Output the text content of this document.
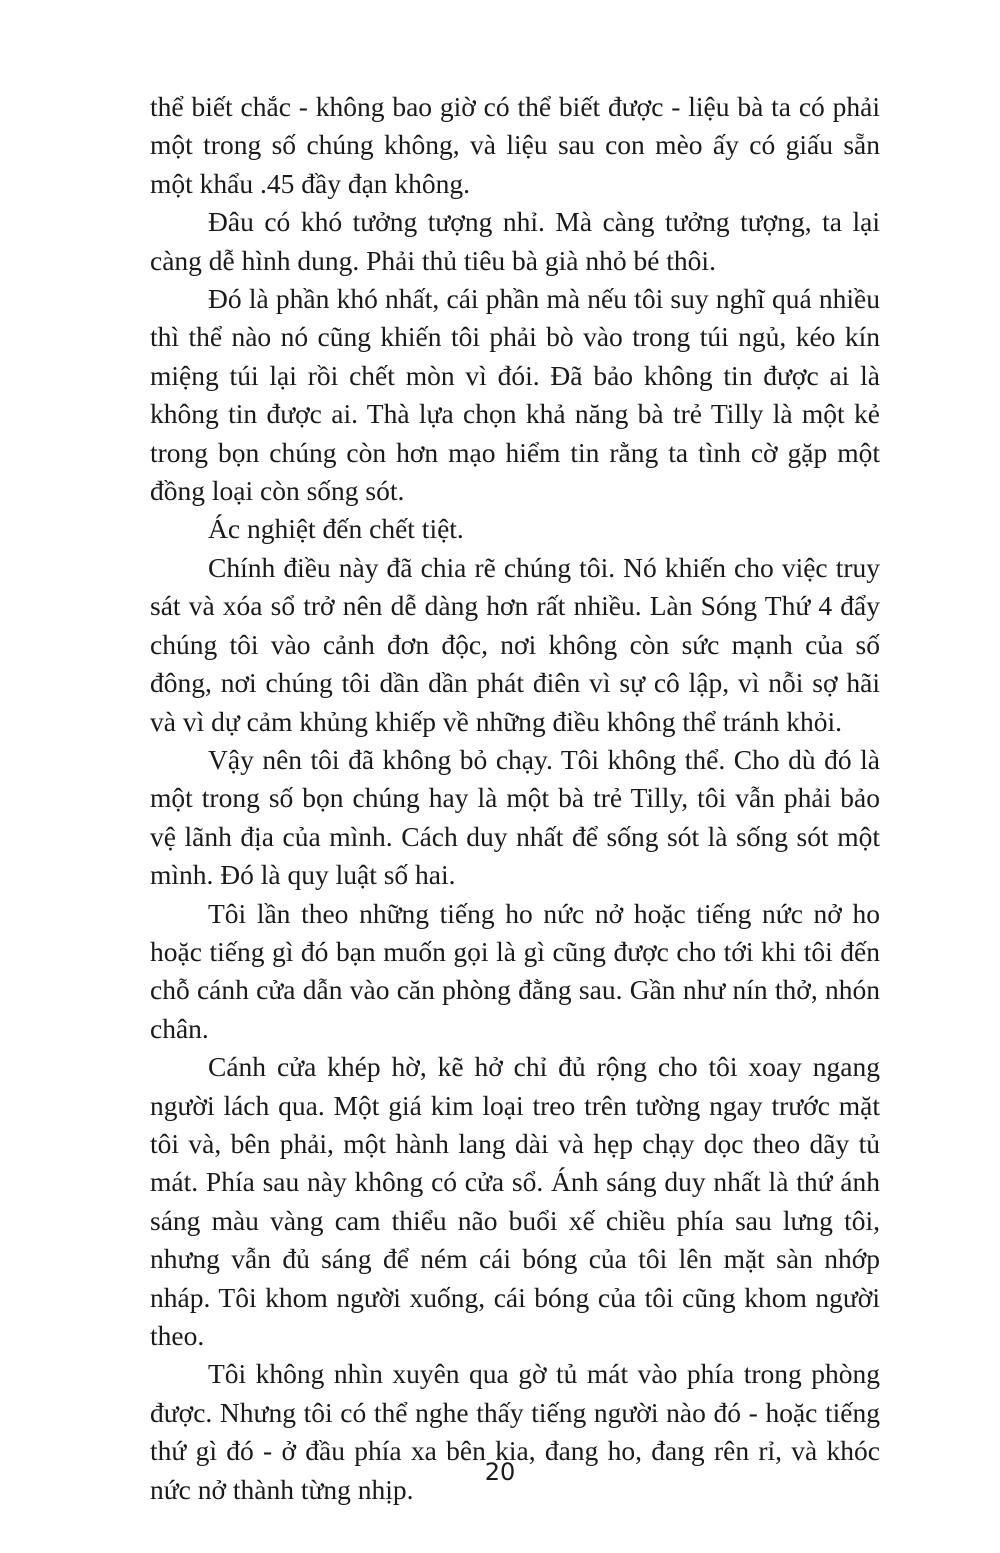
thể biết chắc - không bao giờ có thể biết được - liệu bà ta có phải một trong số chúng không, và liệu sau con mèo ấy có giấu sẵn một khẩu .45 đầy đạn không.

Đâu có khó tưởng tượng nhỉ. Mà càng tưởng tượng, ta lại càng dễ hình dung. Phải thủ tiêu bà già nhỏ bé thôi.

Đó là phần khó nhất, cái phần mà nếu tôi suy nghĩ quá nhiều thì thể nào nó cũng khiến tôi phải bò vào trong túi ngủ, kéo kín miệng túi lại rồi chết mòn vì đói. Đã bảo không tin được ai là không tin được ai. Thà lựa chọn khả năng bà trẻ Tilly là một kẻ trong bọn chúng còn hơn mạo hiểm tin rằng ta tình cờ gặp một đồng loại còn sống sót.

Ác nghiệt đến chết tiệt.

Chính điều này đã chia rẽ chúng tôi. Nó khiến cho việc truy sát và xóa sổ trở nên dễ dàng hơn rất nhiều. Làn Sóng Thứ 4 đẩy chúng tôi vào cảnh đơn độc, nơi không còn sức mạnh của số đông, nơi chúng tôi dần dần phát điên vì sự cô lập, vì nỗi sợ hãi và vì dự cảm khủng khiếp về những điều không thể tránh khỏi.

Vậy nên tôi đã không bỏ chạy. Tôi không thể. Cho dù đó là một trong số bọn chúng hay là một bà trẻ Tilly, tôi vẫn phải bảo vệ lãnh địa của mình. Cách duy nhất để sống sót là sống sót một mình. Đó là quy luật số hai.

Tôi lần theo những tiếng ho nức nở hoặc tiếng nức nở ho hoặc tiếng gì đó bạn muốn gọi là gì cũng được cho tới khi tôi đến chỗ cánh cửa dẫn vào căn phòng đằng sau. Gần như nín thở, nhón chân.

Cánh cửa khép hờ, kẽ hở chỉ đủ rộng cho tôi xoay ngang người lách qua. Một giá kim loại treo trên tường ngay trước mặt tôi và, bên phải, một hành lang dài và hẹp chạy dọc theo dãy tủ mát. Phía sau này không có cửa sổ. Ánh sáng duy nhất là thứ ánh sáng màu vàng cam thiểu não buổi xế chiều phía sau lưng tôi, nhưng vẫn đủ sáng để ném cái bóng của tôi lên mặt sàn nhớp nháp. Tôi khom người xuống, cái bóng của tôi cũng khom người theo.

Tôi không nhìn xuyên qua gờ tủ mát vào phía trong phòng được. Nhưng tôi có thể nghe thấy tiếng người nào đó - hoặc tiếng thứ gì đó - ở đầu phía xa bên kia, đang ho, đang rên rỉ, và khóc nức nở thành từng nhịp.

20
